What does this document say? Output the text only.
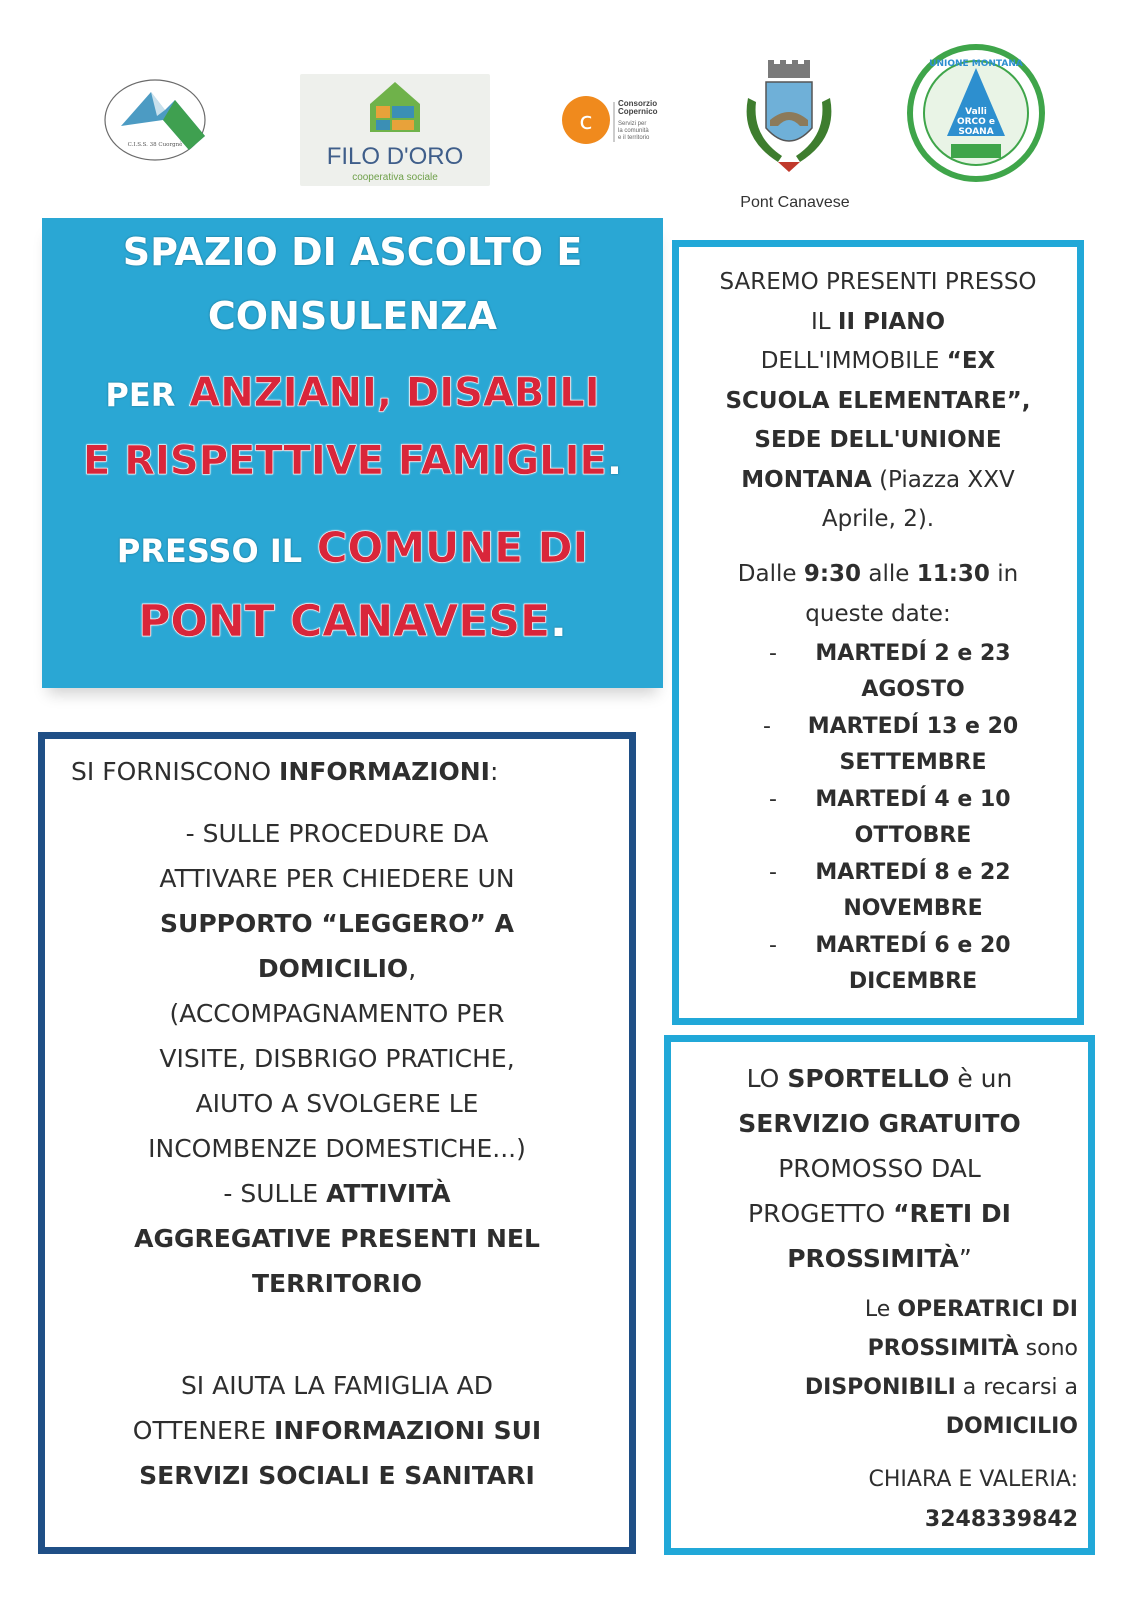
C.I.S.S. 38 Cuorgnè	FILO D'ORO
cooperativa sociale
c
Consorzio
Copernico
Servizi per
la comunità
e il territorio
Pont Canavese
UNIONE MONTANA
Valli
ORCO e
SOANA
SPAZIO DI ASCOLTO E
CONSULENZA
PER ANZIANI, DISABILI
E RISPETTIVE FAMIGLIE.
PRESSO IL COMUNE DI
PONT CANAVESE.
SAREMO PRESENTI PRESSO
IL II PIANO
DELL'IMMOBILE “EX
SCUOLA ELEMENTARE”,
SEDE DELL'UNIONE
MONTANA (Piazza XXV
Aprile, 2).
Dalle 9:30 alle 11:30 in
queste date:
-	MARTEDÍ 2 e 23
AGOSTO
-	MARTEDÍ 13 e 20
SETTEMBRE
-	MARTEDÍ 4 e 10
OTTOBRE
-	MARTEDÍ 8 e 22
NOVEMBRE
-	MARTEDÍ 6 e 20
DICEMBRE
SI FORNISCONO INFORMAZIONI:
- SULLE PROCEDURE DA
ATTIVARE PER CHIEDERE UN
SUPPORTO “LEGGERO” A
DOMICILIO,
(ACCOMPAGNAMENTO PER
VISITE, DISBRIGO PRATICHE,
AIUTO A SVOLGERE LE
INCOMBENZE DOMESTICHE...)
- SULLE ATTIVITÀ
AGGREGATIVE PRESENTI NEL
TERRITORIO
SI AIUTA LA FAMIGLIA AD
OTTENERE INFORMAZIONI SUI
SERVIZI SOCIALI E SANITARI
LO SPORTELLO è un
SERVIZIO GRATUITO
PROMOSSO DAL
PROGETTO “RETI DI
PROSSIMITÀ”
Le OPERATRICI DI
PROSSIMITÀ sono
DISPONIBILI a recarsi a
DOMICILIO
CHIARA E VALERIA:
3248339842
